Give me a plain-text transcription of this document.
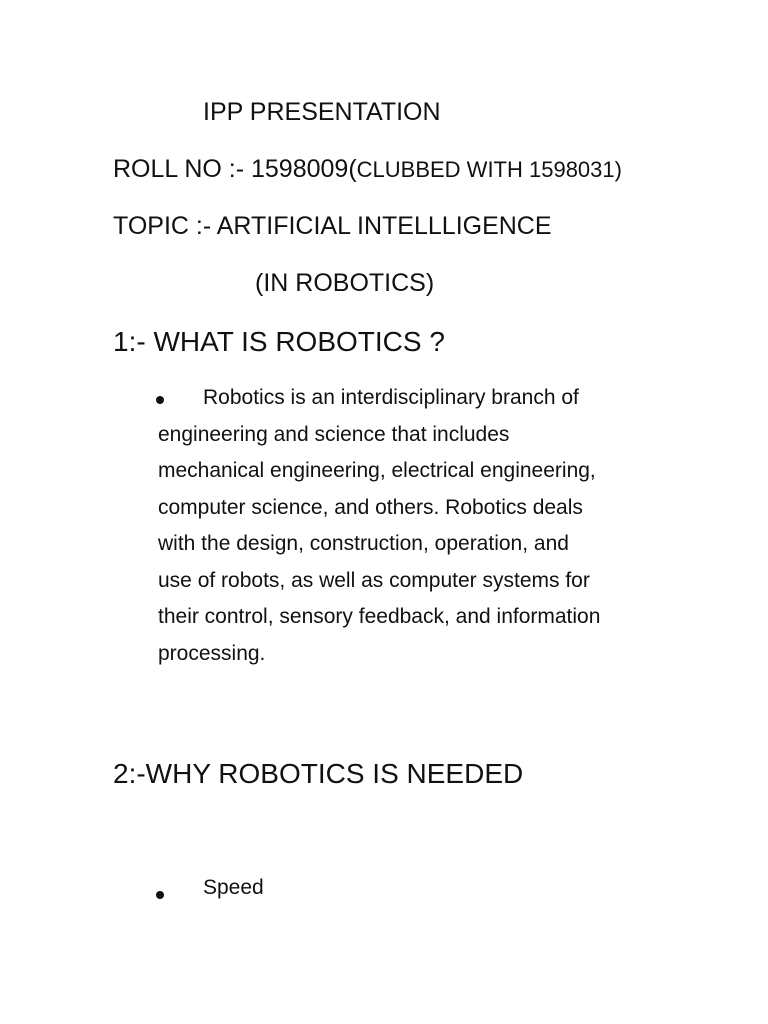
IPP PRESENTATION
ROLL NO :- 1598009(CLUBBED WITH 1598031)
TOPIC :- ARTIFICIAL INTELLLIGENCE
(IN ROBOTICS)
1:- WHAT IS ROBOTICS ?
Robotics is an interdisciplinary branch of
engineering and science that includes
mechanical engineering, electrical engineering,
computer science, and others. Robotics deals
with the design, construction, operation, and
use of robots, as well as computer systems for
their control, sensory feedback, and information
processing.
2:-WHY ROBOTICS IS NEEDED
Speed
